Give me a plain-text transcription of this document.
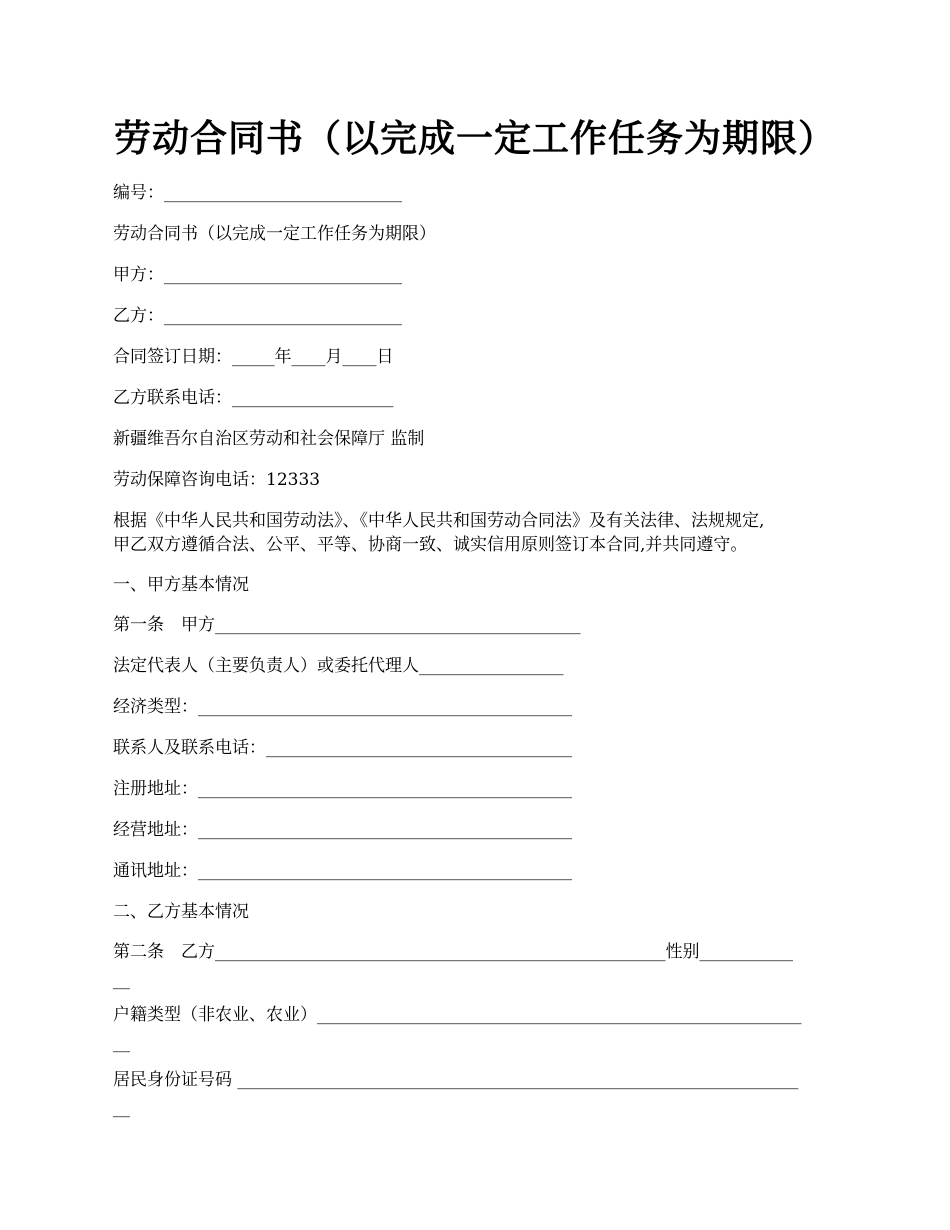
劳动合同书（以完成一定工作任务为期限）
编号：____________________________
劳动合同书（以完成一定工作任务为期限）
甲方：____________________________
乙方：____________________________
合同签订日期：_____年____月____日
乙方联系电话：___________________
新疆维吾尔自治区劳动和社会保障厅 监制
劳动保障咨询电话：12333
根据《中华人民共和国劳动法》、《中华人民共和国劳动合同法》及有关法律、法规规定,
甲乙双方遵循合法、公平、平等、协商一致、诚实信用原则签订本合同,并共同遵守。
一、甲方基本情况
第一条　甲方___________________________________________
法定代表人（主要负责人）或委托代理人_________________
经济类型：____________________________________________
联系人及联系电话：____________________________________
注册地址：____________________________________________
经营地址：____________________________________________
通讯地址：____________________________________________
二、乙方基本情况
第二条　乙方_____________________________________________________性别___________
__
户籍类型（非农业、农业）_________________________________________________________
__
居民身份证号码 __________________________________________________________________
__
